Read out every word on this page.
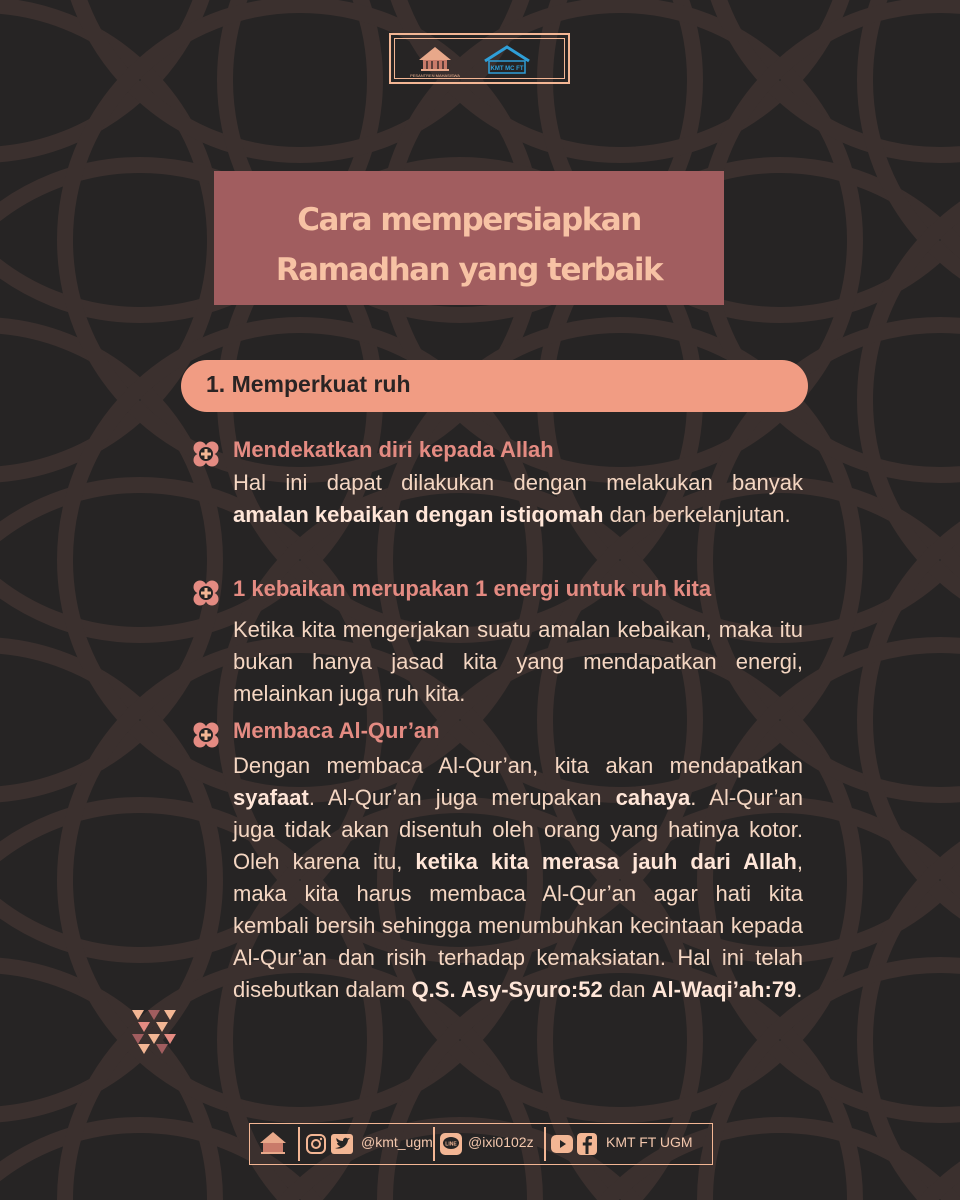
PESANTREN MAHASISWA
KMT MC FT
Cara mempersiapkan
Ramadhan yang terbaik
1. Memperkuat ruh
Mendekatkan diri kepada Allah
Hal ini dapat dilakukan dengan melakukan banyak amalan kebaikan dengan istiqomah dan berkelanjutan.
1 kebaikan merupakan 1 energi untuk ruh kita
Ketika kita mengerjakan suatu amalan kebaikan, maka itu bukan hanya jasad kita yang mendapatkan energi, melainkan juga ruh kita.
Membaca Al-Qur’an
Dengan membaca Al-Qur’an, kita akan mendapatkan syafaat. Al-Qur’an juga merupakan cahaya. Al-Qur’an juga tidak akan disentuh oleh orang yang hatinya kotor. Oleh karena itu, ketika kita merasa jauh dari Allah, maka kita harus membaca Al-Qur’an agar hati kita kembali bersih sehingga menumbuhkan kecintaan kepada Al-Qur’an dan risih terhadap kemaksiatan. Hal ini telah disebutkan dalam Q.S. Asy-Syuro:52 dan Al-Waqi’ah:79.
@kmt_ugm	LINE @ixi0102z	KMT FT UGM
